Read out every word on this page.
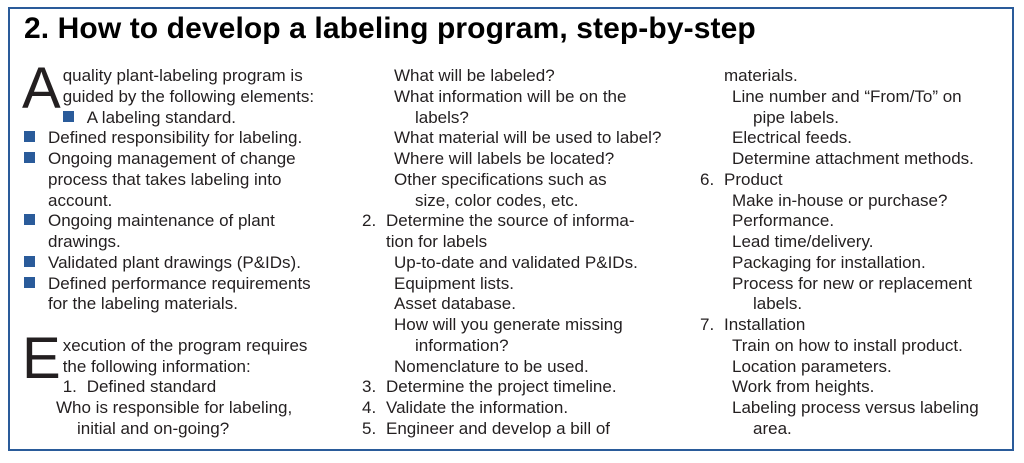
2. How to develop a labeling program, step-by-step
A quality plant-labeling program is
guided by the following elements:
A labeling standard.
Defined responsibility for labeling.
Ongoing management of change
process that takes labeling into
account.
Ongoing maintenance of plant
drawings.
Validated plant drawings (P&IDs).
Defined performance requirements
for the labeling materials.
E xecution of the program requires
the following information:
1. Defined standard
Who is responsible for labeling,
initial and on-going?
What will be labeled?
What information will be on the
labels?
What material will be used to label?
Where will labels be located?
Other specifications such as
size, color codes, etc.
2. Determine the source of informa-
tion for labels
Up-to-date and validated P&IDs.
Equipment lists.
Asset database.
How will you generate missing
information?
Nomenclature to be used.
3. Determine the project timeline.
4. Validate the information.
5. Engineer and develop a bill of
materials.
Line number and “From/To” on
pipe labels.
Electrical feeds.
Determine attachment methods.
6. Product
Make in-house or purchase?
Performance.
Lead time/delivery.
Packaging for installation.
Process for new or replacement
labels.
7. Installation
Train on how to install product.
Location parameters.
Work from heights.
Labeling process versus labeling
area.
